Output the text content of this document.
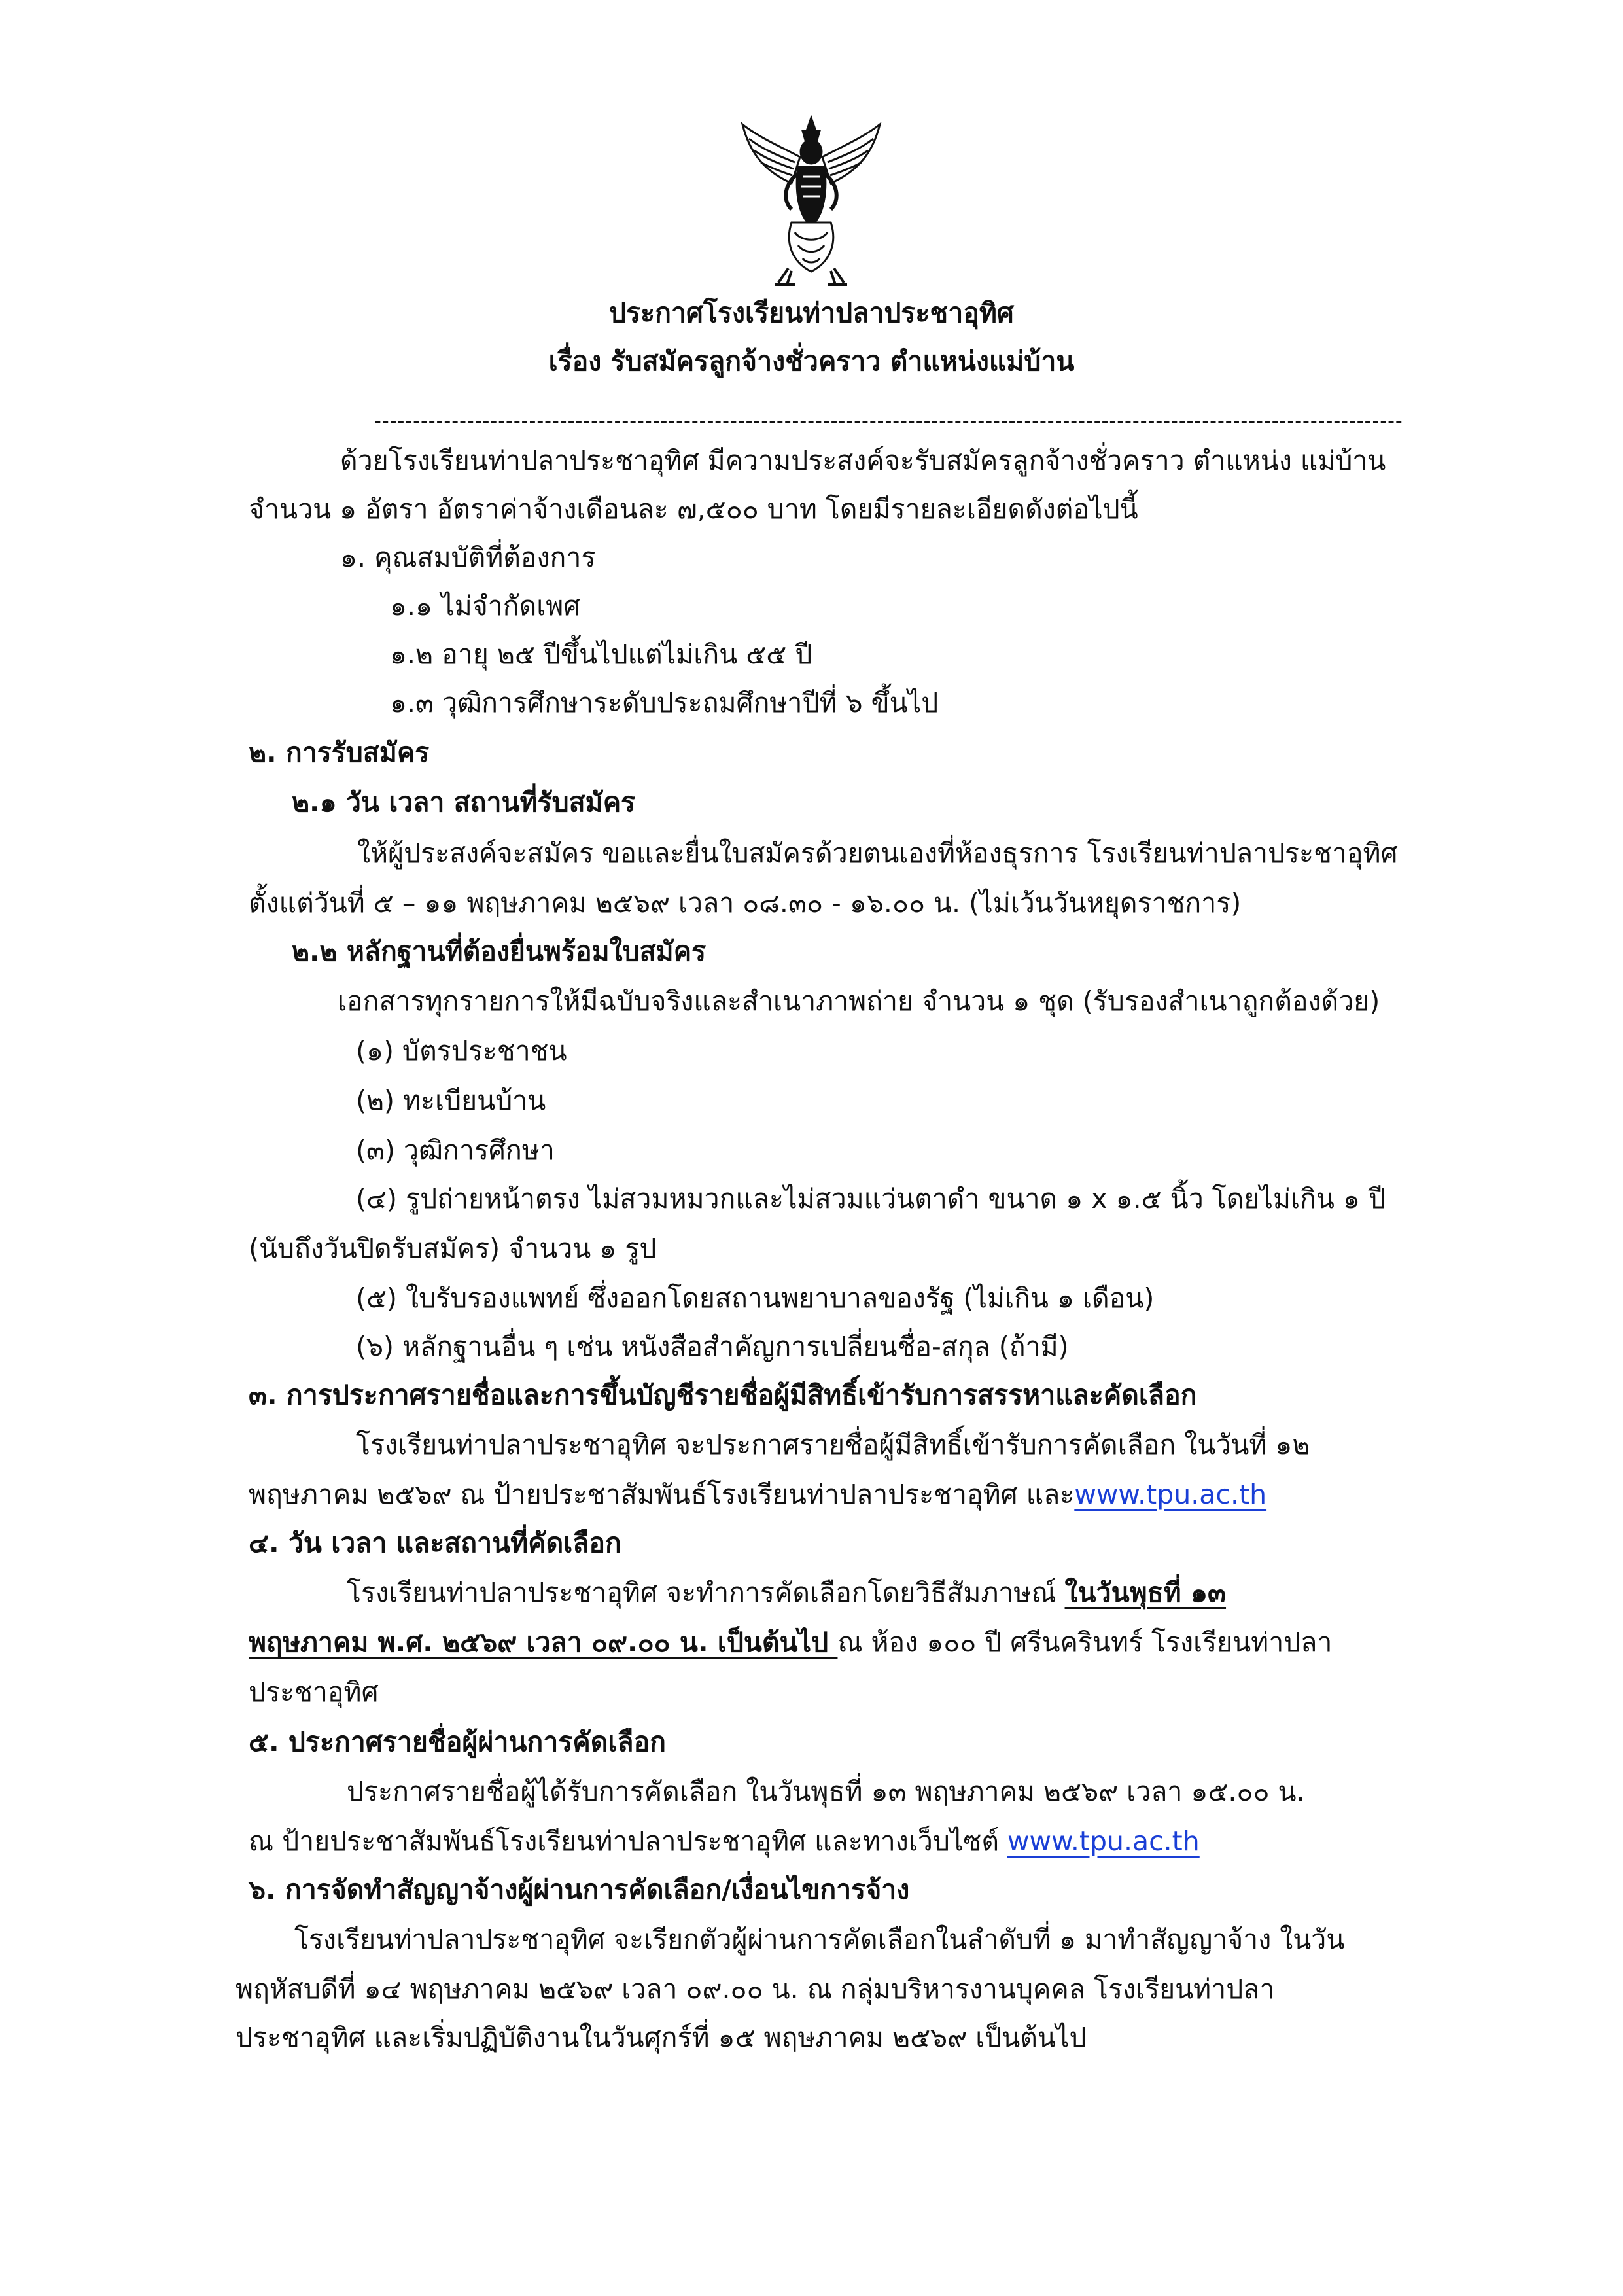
ประกาศโรงเรียนท่าปลาประชาอุทิศ
เรื่อง รับสมัครลูกจ้างชั่วคราว ตำแหน่งแม่บ้าน
-------------------------------------------------------------------------------------------------------------------------------------
ด้วยโรงเรียนท่าปลาประชาอุทิศ มีความประสงค์จะรับสมัครลูกจ้างชั่วคราว ตำแหน่ง แม่บ้าน
จำนวน ๑ อัตรา อัตราค่าจ้างเดือนละ ๗,๕๐๐ บาท โดยมีรายละเอียดดังต่อไปนี้
๑. คุณสมบัติที่ต้องการ
๑.๑ ไม่จำกัดเพศ
๑.๒ อายุ ๒๕ ปีขึ้นไปแต่ไม่เกิน ๕๕ ปี
๑.๓ วุฒิการศึกษาระดับประถมศึกษาปีที่ ๖ ขึ้นไป
๒. การรับสมัคร
๒.๑ วัน เวลา สถานที่รับสมัคร
ให้ผู้ประสงค์จะสมัคร ขอและยื่นใบสมัครด้วยตนเองที่ห้องธุรการ โรงเรียนท่าปลาประชาอุทิศ
ตั้งแต่วันที่ ๕ – ๑๑ พฤษภาคม ๒๕๖๙ เวลา ๐๘.๓๐ - ๑๖.๐๐ น. (ไม่เว้นวันหยุดราชการ)
๒.๒ หลักฐานที่ต้องยื่นพร้อมใบสมัคร
เอกสารทุกรายการให้มีฉบับจริงและสำเนาภาพถ่าย จำนวน ๑ ชุด (รับรองสำเนาถูกต้องด้วย)
(๑) บัตรประชาชน
(๒) ทะเบียนบ้าน
(๓) วุฒิการศึกษา
(๔) รูปถ่ายหน้าตรง ไม่สวมหมวกและไม่สวมแว่นตาดำ ขนาด ๑ x ๑.๕ นิ้ว โดยไม่เกิน ๑ ปี
(นับถึงวันปิดรับสมัคร) จำนวน ๑ รูป
(๕) ใบรับรองแพทย์ ซึ่งออกโดยสถานพยาบาลของรัฐ (ไม่เกิน ๑ เดือน)
(๖) หลักฐานอื่น ๆ เช่น หนังสือสำคัญการเปลี่ยนชื่อ-สกุล (ถ้ามี)
๓. การประกาศรายชื่อและการขึ้นบัญชีรายชื่อผู้มีสิทธิ์เข้ารับการสรรหาและคัดเลือก
โรงเรียนท่าปลาประชาอุทิศ จะประกาศรายชื่อผู้มีสิทธิ์เข้ารับการคัดเลือก ในวันที่ ๑๒
พฤษภาคม ๒๕๖๙ ณ ป้ายประชาสัมพันธ์โรงเรียนท่าปลาประชาอุทิศ และwww.tpu.ac.th
๔. วัน เวลา และสถานที่คัดเลือก
โรงเรียนท่าปลาประชาอุทิศ จะทำการคัดเลือกโดยวิธีสัมภาษณ์ ในวันพุธที่ ๑๓
พฤษภาคม พ.ศ. ๒๕๖๙ เวลา ๐๙.๐๐ น. เป็นต้นไป ณ ห้อง ๑๐๐ ปี ศรีนครินทร์ โรงเรียนท่าปลา
ประชาอุทิศ
๕. ประกาศรายชื่อผู้ผ่านการคัดเลือก
ประกาศรายชื่อผู้ได้รับการคัดเลือก ในวันพุธที่ ๑๓ พฤษภาคม ๒๕๖๙ เวลา ๑๕.๐๐ น.
ณ ป้ายประชาสัมพันธ์โรงเรียนท่าปลาประชาอุทิศ และทางเว็บไซต์ www.tpu.ac.th
๖. การจัดทำสัญญาจ้างผู้ผ่านการคัดเลือก/เงื่อนไขการจ้าง
โรงเรียนท่าปลาประชาอุทิศ จะเรียกตัวผู้ผ่านการคัดเลือกในลำดับที่ ๑ มาทำสัญญาจ้าง ในวัน
พฤหัสบดีที่ ๑๔ พฤษภาคม ๒๕๖๙ เวลา ๐๙.๐๐ น. ณ กลุ่มบริหารงานบุคคล โรงเรียนท่าปลา
ประชาอุทิศ และเริ่มปฏิบัติงานในวันศุกร์ที่ ๑๕ พฤษภาคม ๒๕๖๙ เป็นต้นไป
